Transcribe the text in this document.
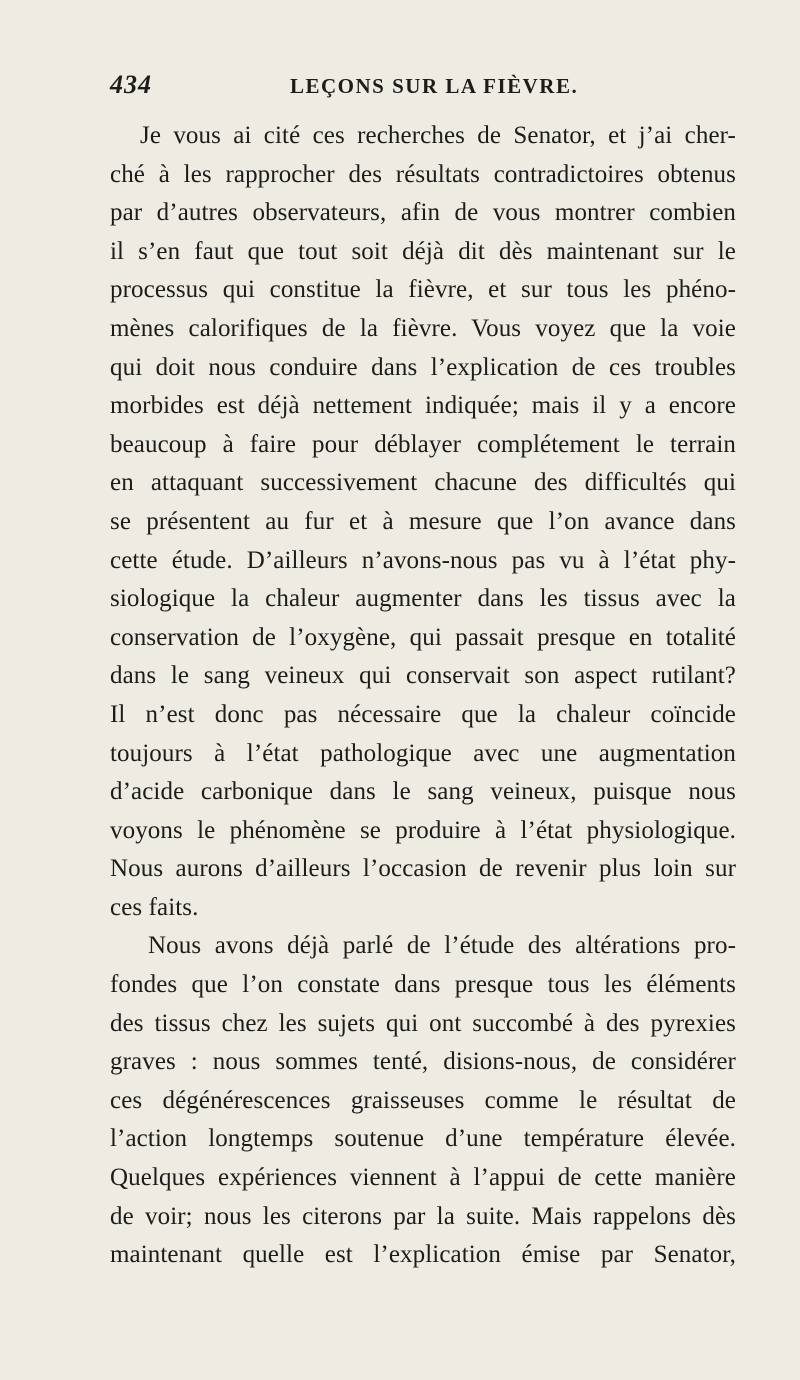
434	LEÇONS SUR LA FIÈVRE.
Je vous ai cité ces recherches de Senator, et j’ai cher-
ché à les rapprocher des résultats contradictoires obtenus
par d’autres observateurs, afin de vous montrer combien
il s’en faut que tout soit déjà dit dès maintenant sur le
processus qui constitue la fièvre, et sur tous les phéno-
mènes calorifiques de la fièvre. Vous voyez que la voie
qui doit nous conduire dans l’explication de ces troubles
morbides est déjà nettement indiquée; mais il y a encore
beaucoup à faire pour déblayer complétement le terrain
en attaquant successivement chacune des difficultés qui
se présentent au fur et à mesure que l’on avance dans
cette étude. D’ailleurs n’avons-nous pas vu à l’état phy-
siologique la chaleur augmenter dans les tissus avec la
conservation de l’oxygène, qui passait presque en totalité
dans le sang veineux qui conservait son aspect rutilant?
Il n’est donc pas nécessaire que la chaleur coïncide
toujours à l’état pathologique avec une augmentation
d’acide carbonique dans le sang veineux, puisque nous
voyons le phénomène se produire à l’état physiologique.
Nous aurons d’ailleurs l’occasion de revenir plus loin sur
ces faits.
Nous avons déjà parlé de l’étude des altérations pro-
fondes que l’on constate dans presque tous les éléments
des tissus chez les sujets qui ont succombé à des pyrexies
graves : nous sommes tenté, disions-nous, de considérer
ces dégénérescences graisseuses comme le résultat de
l’action longtemps soutenue d’une température élevée.
Quelques expériences viennent à l’appui de cette manière
de voir; nous les citerons par la suite. Mais rappelons dès
maintenant quelle est l’explication émise par Senator,
